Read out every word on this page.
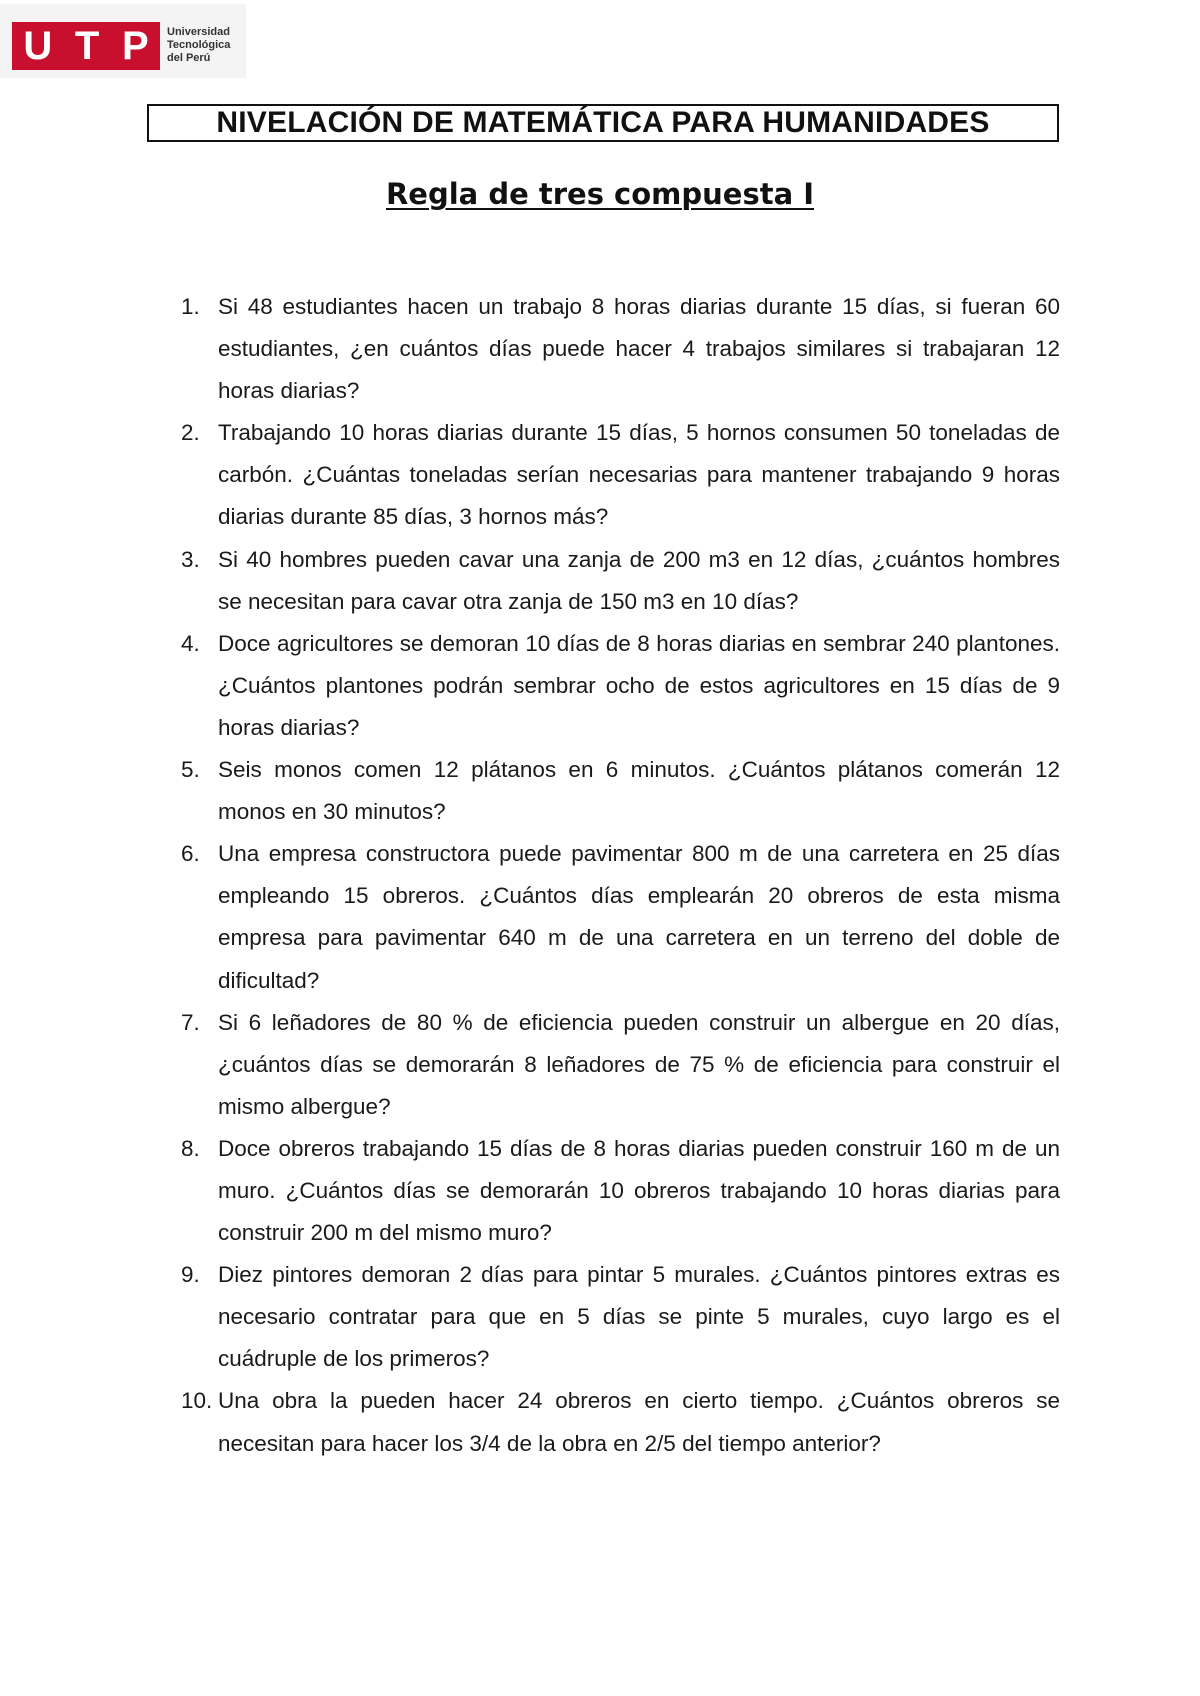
U T P Universidad
Tecnológica
del Perú
NIVELACIÓN DE MATEMÁTICA PARA HUMANIDADES
Regla de tres compuesta I
1. Si 48 estudiantes hacen un trabajo 8 horas diarias durante 15 días, si fueran 60 estudiantes, ¿en cuántos días puede hacer 4 trabajos similares si trabajaran 12 horas diarias?
2. Trabajando 10 horas diarias durante 15 días, 5 hornos consumen 50 toneladas de carbón. ¿Cuántas toneladas serían necesarias para mantener trabajando 9 horas diarias durante 85 días, 3 hornos más?
3. Si 40 hombres pueden cavar una zanja de 200 m3 en 12 días, ¿cuántos hombres se necesitan para cavar otra zanja de 150 m3 en 10 días?
4. Doce agricultores se demoran 10 días de 8 horas diarias en sembrar 240 plantones. ¿Cuántos plantones podrán sembrar ocho de estos agricultores en 15 días de 9 horas diarias?
5. Seis monos comen 12 plátanos en 6 minutos. ¿Cuántos plátanos comerán 12 monos en 30 minutos?
6. Una empresa constructora puede pavimentar 800 m de una carretera en 25 días empleando 15 obreros. ¿Cuántos días emplearán 20 obreros de esta misma empresa para pavimentar 640 m de una carretera en un terreno del doble de dificultad?
7. Si 6 leñadores de 80 % de eficiencia pueden construir un albergue en 20 días, ¿cuántos días se demorarán 8 leñadores de 75 % de eficiencia para construir el mismo albergue?
8. Doce obreros trabajando 15 días de 8 horas diarias pueden construir 160 m de un muro. ¿Cuántos días se demorarán 10 obreros trabajando 10 horas diarias para construir 200 m del mismo muro?
9. Diez pintores demoran 2 días para pintar 5 murales. ¿Cuántos pintores extras es necesario contratar para que en 5 días se pinte 5 murales, cuyo largo es el cuádruple de los primeros?
10. Una obra la pueden hacer 24 obreros en cierto tiempo. ¿Cuántos obreros se necesitan para hacer los 3/4 de la obra en 2/5 del tiempo anterior?
